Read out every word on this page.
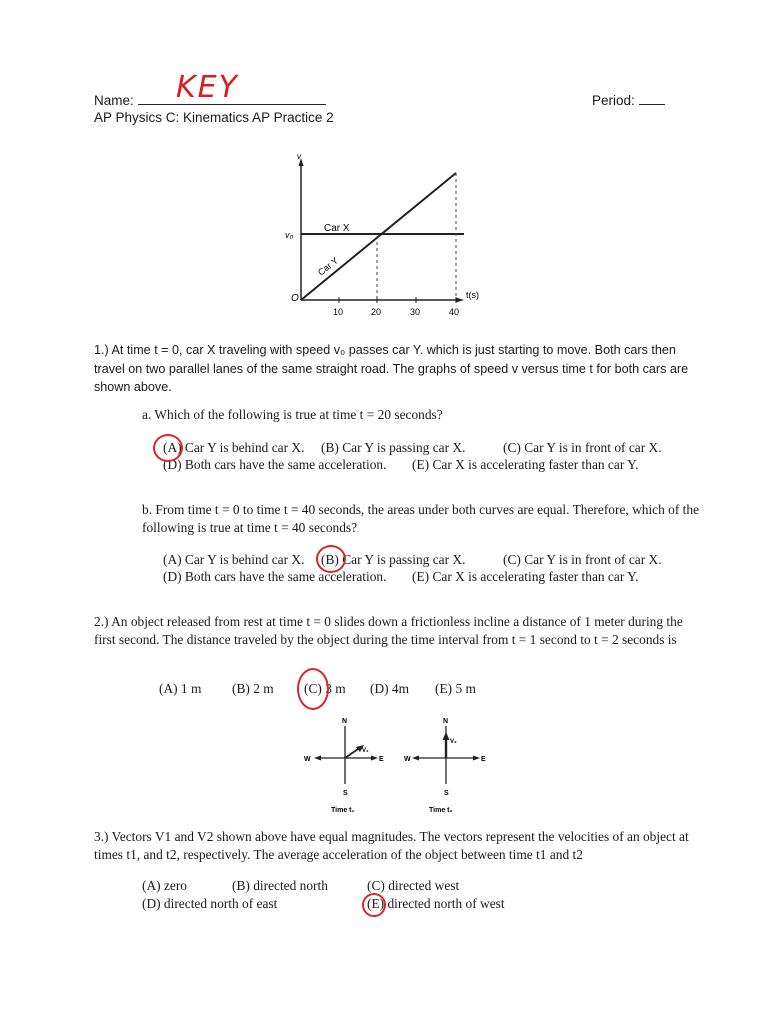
Name:	KEY	Period:
AP Physics C: Kinematics AP Practice 2
v
v₀
Car X
Car Y
O	t(s)
10	20	30	40
1.) At time t = 0, car X traveling with speed v₀ passes car Y. which is just starting to move. Both cars then travel on two parallel lanes of the same straight road. The graphs of speed v versus time t for both cars are shown above.
a. Which of the following is true at time t = 20 seconds?
(A) Car Y is behind car X. (B) Car Y is passing car X.	(C) Car Y is in front of car X.
(D) Both cars have the same acceleration. (E) Car X is accelerating faster than car Y.
b. From time t = 0 to time t = 40 seconds, the areas under both curves are equal. Therefore, which of the following is true at time t = 40 seconds?
(A) Car Y is behind car X. (B) Car Y is passing car X.	(C) Car Y is in front of car X.
(D) Both cars have the same acceleration. (E) Car X is accelerating faster than car Y.
2.) An object released from rest at time t = 0 slides down a frictionless incline a distance of 1 meter during the first second. The distance traveled by the object during the time interval from t = 1 second to t = 2 seconds is
(A) 1 m (B) 2 m (C) 3 m (D) 4m (E) 5 m
N
S
E
W
V₁
Time t₁
N
S
E
W
V₂
Time t₂
3.) Vectors V1 and V2 shown above have equal magnitudes. The vectors represent the velocities of an object at times t1, and t2, respectively. The average acceleration of the object between time t1 and t2
(A) zero	(B) directed north	(C) directed west
(D) directed north of east	(E) directed north of west
